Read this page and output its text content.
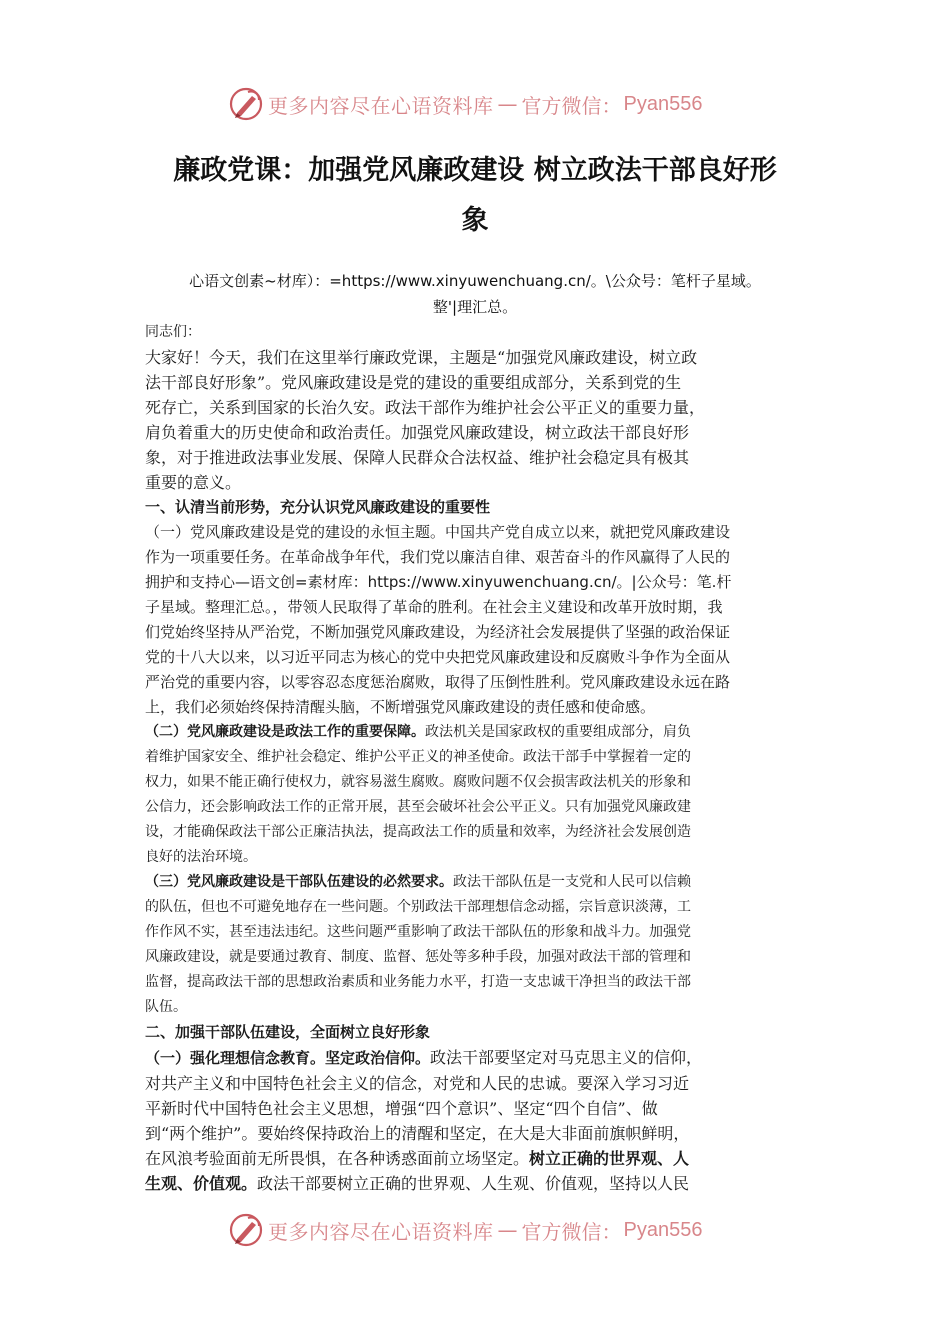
更多内容尽在心语资料库 — 官方微信： Pyan556
廉政党课：加强党风廉政建设 树立政法干部良好形
象
心语文创素~材库）：=https://www.xinyuwenchuang.cn/。\公众号：笔杆子星域。
整'|理汇总。
同志们：
大家好！今天，我们在这里举行廉政党课，主题是“加强党风廉政建设，树立政
法干部良好形象”。党风廉政建设是党的建设的重要组成部分，关系到党的生
死存亡，关系到国家的长治久安。政法干部作为维护社会公平正义的重要力量，
肩负着重大的历史使命和政治责任。加强党风廉政建设，树立政法干部良好形
象，对于推进政法事业发展、保障人民群众合法权益、维护社会稳定具有极其
重要的意义。
一、认清当前形势，充分认识党风廉政建设的重要性
（一）党风廉政建设是党的建设的永恒主题。中国共产党自成立以来，就把党风廉政建设
作为一项重要任务。在革命战争年代，我们党以廉洁自律、艰苦奋斗的作风赢得了人民的
拥护和支持心—语文创=素材库：https://www.xinyuwenchuang.cn/。|公众号：笔.杆
子星域。整理汇总。，带领人民取得了革命的胜利。在社会主义建设和改革开放时期，我
们党始终坚持从严治党，不断加强党风廉政建设，为经济社会发展提供了坚强的政治保证
党的十八大以来，以习近平同志为核心的党中央把党风廉政建设和反腐败斗争作为全面从
严治党的重要内容，以零容忍态度惩治腐败，取得了压倒性胜利。党风廉政建设永远在路
上，我们必须始终保持清醒头脑，不断增强党风廉政建设的责任感和使命感。
（二）党风廉政建设是政法工作的重要保障。政法机关是国家政权的重要组成部分，肩负
着维护国家安全、维护社会稳定、维护公平正义的神圣使命。政法干部手中掌握着一定的
权力，如果不能正确行使权力，就容易滋生腐败。腐败问题不仅会损害政法机关的形象和
公信力，还会影响政法工作的正常开展，甚至会破坏社会公平正义。只有加强党风廉政建
设，才能确保政法干部公正廉洁执法，提高政法工作的质量和效率，为经济社会发展创造
良好的法治环境。
（三）党风廉政建设是干部队伍建设的必然要求。政法干部队伍是一支党和人民可以信赖
的队伍，但也不可避免地存在一些问题。个别政法干部理想信念动摇，宗旨意识淡薄，工
作作风不实，甚至违法违纪。这些问题严重影响了政法干部队伍的形象和战斗力。加强党
风廉政建设，就是要通过教育、制度、监督、惩处等多种手段，加强对政法干部的管理和
监督，提高政法干部的思想政治素质和业务能力水平，打造一支忠诚干净担当的政法干部
队伍。
二、加强干部队伍建设，全面树立良好形象
（一）强化理想信念教育。坚定政治信仰。政法干部要坚定对马克思主义的信仰，
对共产主义和中国特色社会主义的信念，对党和人民的忠诚。要深入学习习近
平新时代中国特色社会主义思想，增强“四个意识”、坚定“四个自信”、做
到“两个维护”。要始终保持政治上的清醒和坚定，在大是大非面前旗帜鲜明，
在风浪考验面前无所畏惧，在各种诱惑面前立场坚定。树立正确的世界观、人
生观、价值观。政法干部要树立正确的世界观、人生观、价值观，坚持以人民
更多内容尽在心语资料库 — 官方微信： Pyan556
